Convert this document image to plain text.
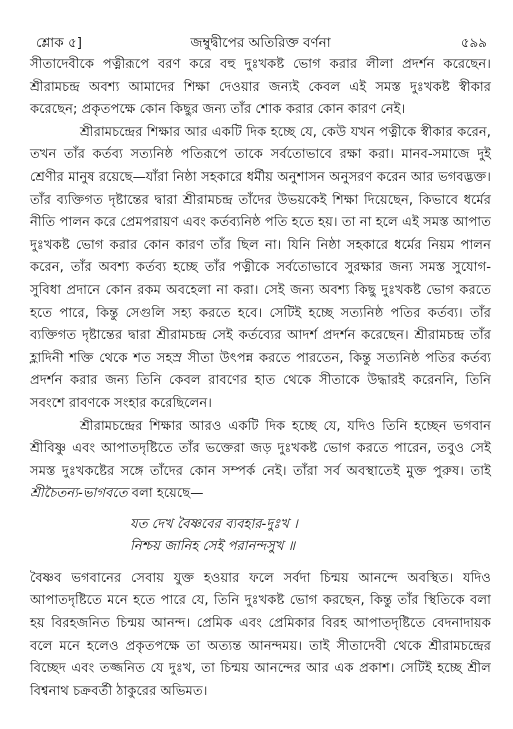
শ্লোক ৫]	জম্বুদ্বীপের অতিরিক্ত বর্ণনা	৫৯৯

সীতাদেবীকে পত্নীরূপে বরণ করে বহু দুঃখকষ্ট ভোগ করার লীলা প্রদর্শন করেছেন। শ্রীরামচন্দ্র অবশ্য আমাদের শিক্ষা দেওয়ার জন্যই কেবল এই সমস্ত দুঃখকষ্ট স্বীকার করেছেন; প্রকৃতপক্ষে কোন কিছুর জন্য তাঁর শোক করার কোন কারণ নেই।

শ্রীরামচন্দ্রের শিক্ষার আর একটি দিক হচ্ছে যে, কেউ যখন পত্নীকে স্বীকার করেন, তখন তাঁর কর্তব্য সত্যনিষ্ঠ পতিরূপে তাকে সর্বতোভাবে রক্ষা করা। মানব-সমাজে দুই শ্রেণীর মানুষ রয়েছে—যাঁরা নিষ্ঠা সহকারে ধর্মীয় অনুশাসন অনুসরণ করেন আর ভগবদ্ভক্ত। তাঁর ব্যক্তিগত দৃষ্টান্তের দ্বারা শ্রীরামচন্দ্র তাঁদের উভয়কেই শিক্ষা দিয়েছেন, কিভাবে ধর্মের নীতি পালন করে প্রেমপরায়ণ এবং কর্তব্যনিষ্ঠ পতি হতে হয়। তা না হলে এই সমস্ত আপাত দুঃখকষ্ট ভোগ করার কোন কারণ তাঁর ছিল না। যিনি নিষ্ঠা সহকারে ধর্মের নিয়ম পালন করেন, তাঁর অবশ্য কর্তব্য হচ্ছে তাঁর পত্নীকে সর্বতোভাবে সুরক্ষার জন্য সমস্ত সুযোগ-সুবিধা প্রদানে কোন রকম অবহেলা না করা। সেই জন্য অবশ্য কিছু দুঃখকষ্ট ভোগ করতে হতে পারে, কিন্তু সেগুলি সহ্য করতে হবে। সেটিই হচ্ছে সত্যনিষ্ঠ পতির কর্তব্য। তাঁর ব্যক্তিগত দৃষ্টান্তের দ্বারা শ্রীরামচন্দ্র সেই কর্তব্যের আদর্শ প্রদর্শন করেছেন। শ্রীরামচন্দ্র তাঁর হ্লাদিনী শক্তি থেকে শত সহস্র সীতা উৎপন্ন করতে পারতেন, কিন্তু সত্যনিষ্ঠ পতির কর্তব্য প্রদর্শন করার জন্য তিনি কেবল রাবণের হাত থেকে সীতাকে উদ্ধারই করেননি, তিনি সবংশে রাবণকে সংহার করেছিলেন।

শ্রীরামচন্দ্রের শিক্ষার আরও একটি দিক হচ্ছে যে, যদিও তিনি হচ্ছেন ভগবান শ্রীবিষ্ণু এবং আপাতদৃষ্টিতে তাঁর ভক্তেরা জড় দুঃখকষ্ট ভোগ করতে পারেন, তবুও সেই সমস্ত দুঃখকষ্টের সঙ্গে তাঁদের কোন সম্পর্ক নেই। তাঁরা সর্ব অবস্থাতেই মুক্ত পুরুষ। তাই শ্রীচৈতন্য-ভাগবতে বলা হয়েছে—

যত দেখ বৈষ্ণবের ব্যবহার-দুঃখ ।
নিশ্চয় জানিহ সেই পরানন্দসুখ ॥

বৈষ্ণব ভগবানের সেবায় যুক্ত হওয়ার ফলে সর্বদা চিন্ময় আনন্দে অবস্থিত। যদিও আপাতদৃষ্টিতে মনে হতে পারে যে, তিনি দুঃখকষ্ট ভোগ করছেন, কিন্তু তাঁর স্থিতিকে বলা হয় বিরহজনিত চিন্ময় আনন্দ। প্রেমিক এবং প্রেমিকার বিরহ আপাতদৃষ্টিতে বেদনাদায়ক বলে মনে হলেও প্রকৃতপক্ষে তা অত্যন্ত আনন্দময়। তাই সীতাদেবী থেকে শ্রীরামচন্দ্রের বিচ্ছেদ এবং তজ্জনিত যে দুঃখ, তা চিন্ময় আনন্দের আর এক প্রকাশ। সেটিই হচ্ছে শ্রীল বিশ্বনাথ চক্রবর্তী ঠাকুরের অভিমত।
